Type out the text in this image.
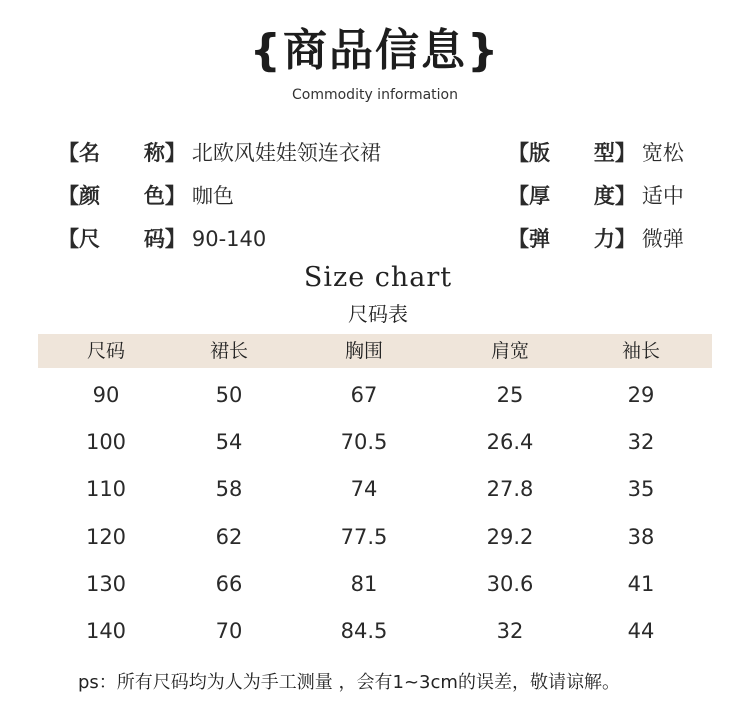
{商品信息}
Commodity information
【名      称】 北欧风娃娃领连衣裙
【颜      色】 咖色
【尺      码】 90-140
【版      型】 宽松
【厚      度】 适中
【弹      力】 微弹
Size chart
尺码表
尺码	裙长	胸围	肩宽	袖长
90	50	67	25	29
100	54	70.5	26.4	32
110	58	74	27.8	35
120	62	77.5	29.2	38
130	66	81	30.6	41
140	70	84.5	32	44
ps：所有尺码均为人为手工测量 ，会有1~3cm的误差，敬请谅解。
